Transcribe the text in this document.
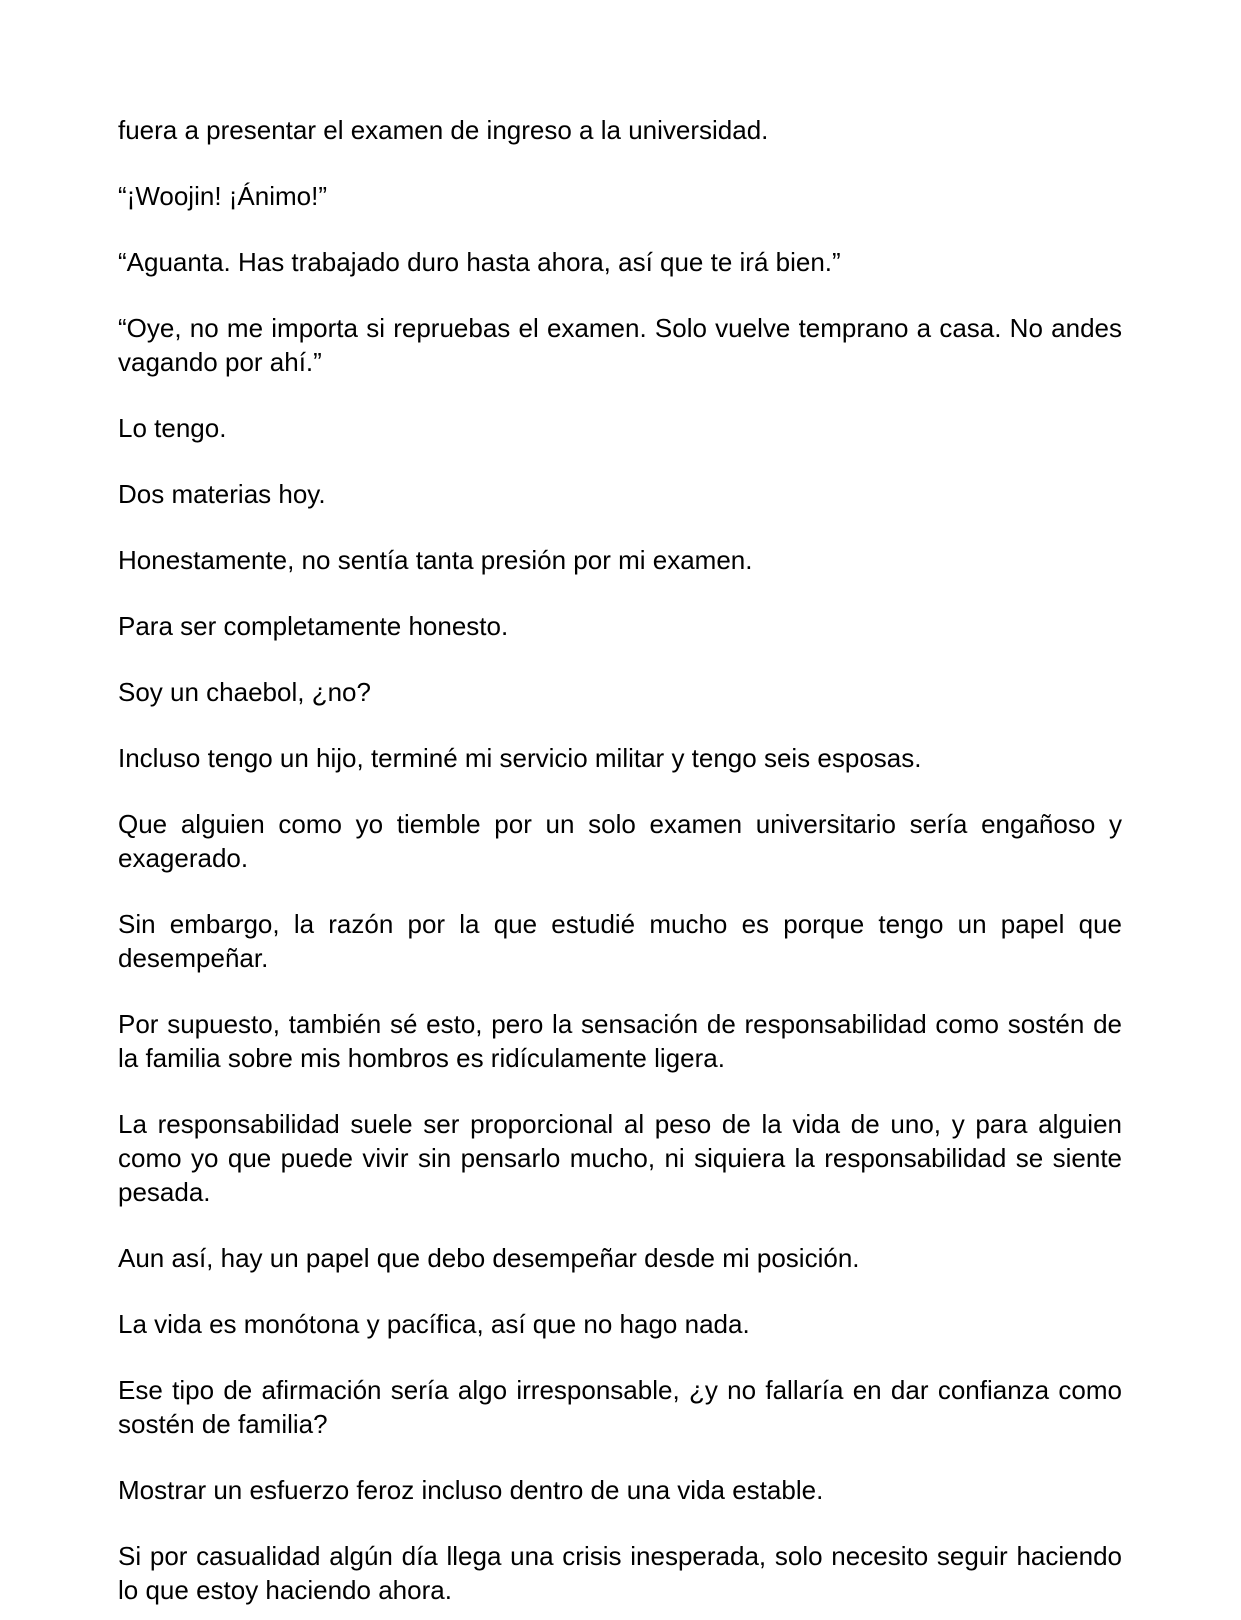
fuera a presentar el examen de ingreso a la universidad.

“¡Woojin! ¡Ánimo!”

“Aguanta. Has trabajado duro hasta ahora, así que te irá bien.”

“Oye, no me importa si repruebas el examen. Solo vuelve temprano a casa. No andes vagando por ahí.”

Lo tengo.

Dos materias hoy.

Honestamente, no sentía tanta presión por mi examen.

Para ser completamente honesto.

Soy un chaebol, ¿no?

Incluso tengo un hijo, terminé mi servicio militar y tengo seis esposas.

Que alguien como yo tiemble por un solo examen universitario sería engañoso y exagerado.

Sin embargo, la razón por la que estudié mucho es porque tengo un papel que desempeñar.

Por supuesto, también sé esto, pero la sensación de responsabilidad como sostén de la familia sobre mis hombros es ridículamente ligera.

La responsabilidad suele ser proporcional al peso de la vida de uno, y para alguien como yo que puede vivir sin pensarlo mucho, ni siquiera la responsabilidad se siente pesada.

Aun así, hay un papel que debo desempeñar desde mi posición.

La vida es monótona y pacífica, así que no hago nada.

Ese tipo de afirmación sería algo irresponsable, ¿y no fallaría en dar confianza como sostén de familia?

Mostrar un esfuerzo feroz incluso dentro de una vida estable.

Si por casualidad algún día llega una crisis inesperada, solo necesito seguir haciendo lo que estoy haciendo ahora.
